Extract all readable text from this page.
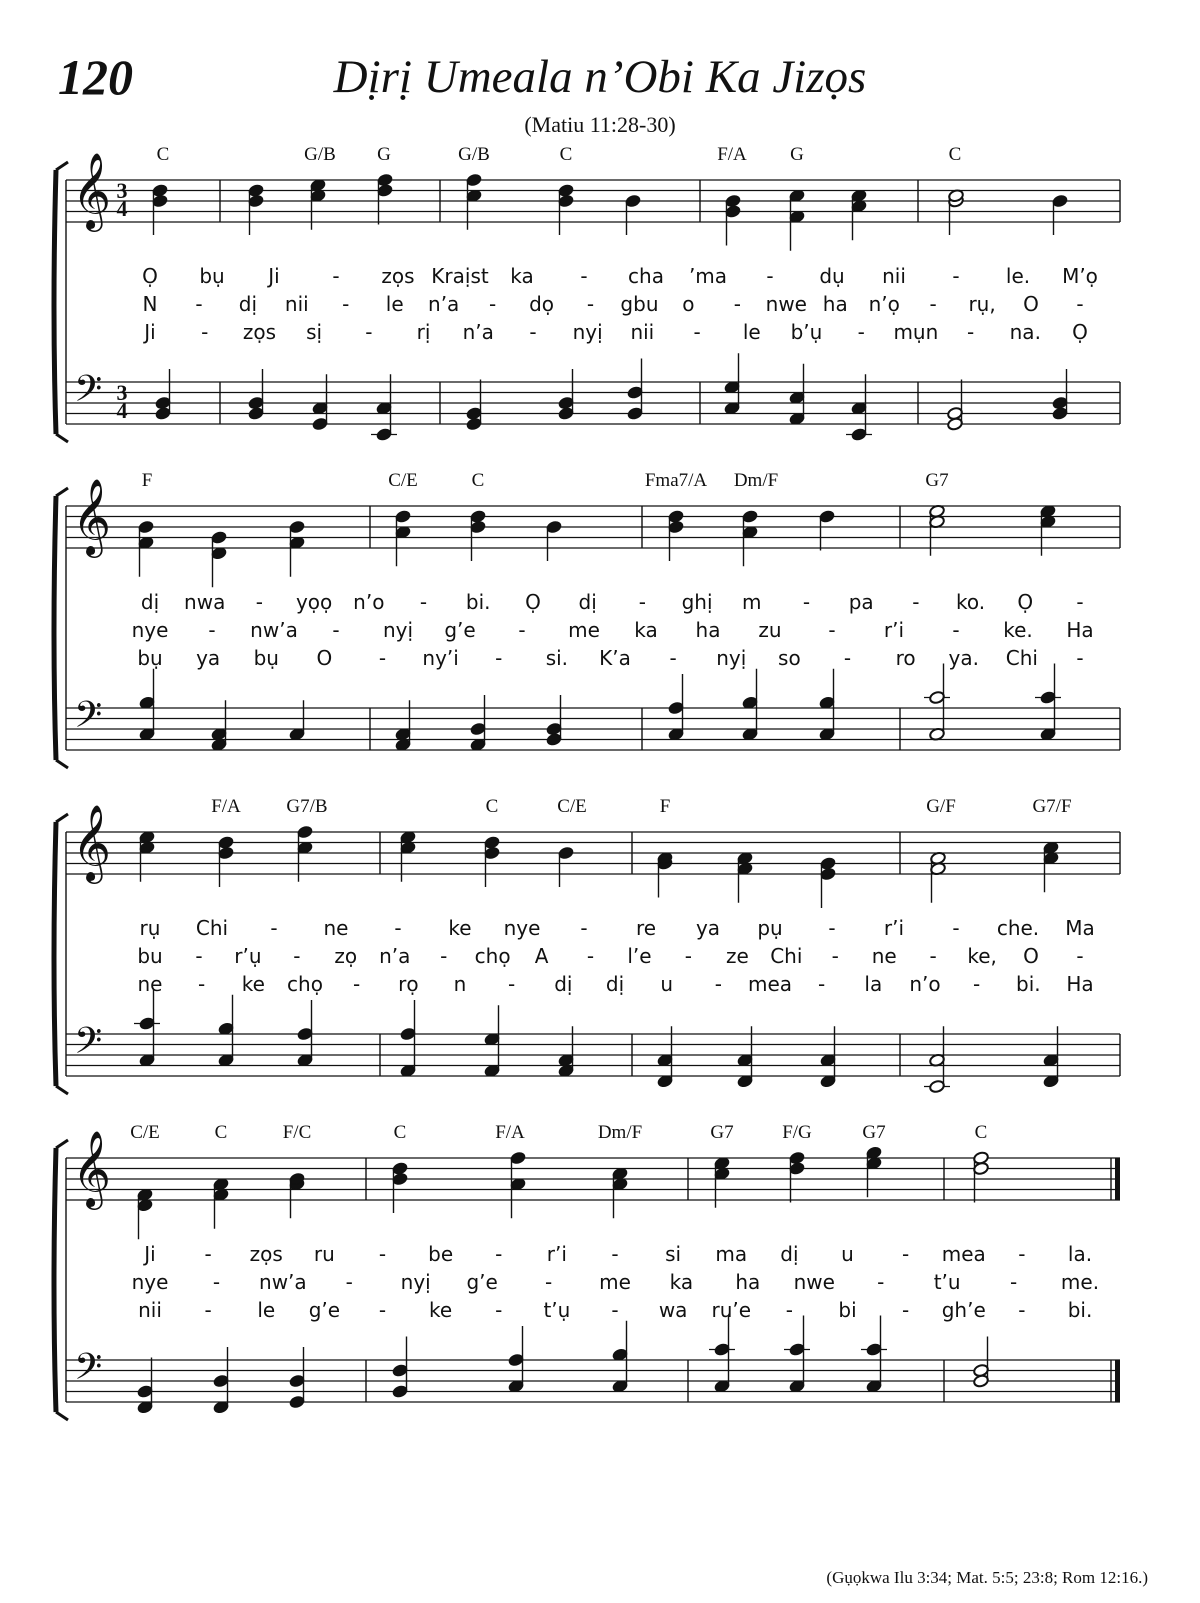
120	Dịrị Umeala n’Obi Ka Jizọs
(Matiu 11:28-30)
𝄞
𝄢
3
4
3
4
C	G/B G	G/B	C	F/A G	C
Ọ bụ Ji	- zọs Kraịst ka - cha ’ma - dụ nii - le. M’ọ
N - dị nii - le n’a - dọ - gbu o - nwe ha n’ọ - rụ, O -
Ji - zọs sị - rị n’a - nyị nii - le b’ụ - mụn - na. Ọ
𝄞
𝄢
F	C/E	C	Fma7/A Dm/F	G7
dị nwa - yọọ n’o - bi. Ọ dị - ghị m - pa - ko. Ọ -
nye - nw’a - nyị g’e - me ka ha zu - r’i - ke. Ha
bụ ya bụ O - ny’i - si. K’a - nyị so - ro ya. Chi -
𝄞
𝄢
F/A G7/B	C	C/E	F	G/F	G7/F
rụ Chi - ne - ke nye - re ya pụ - r’i - che. Ma
bu - r’ụ - zọ n’a - chọ A - l’e - ze Chi - ne - ke, O -
ne - ke chọ - rọ n - dị dị u - mea - la n’o - bi. Ha
𝄞
𝄢
C/E	C	F/C	C	F/A	Dm/F	G7	F/G	G7	C
Ji - zọs ru - be - r’i - si ma dị u - mea - la.
nye - nw’a - nyị g’e - me ka ha nwe - t’u - me.
nii - le g’e - ke - t’ụ - wa ru’e - bi - gh’e - bi.
(Gụọkwa Ilu 3:34; Mat. 5:5; 23:8; Rom 12:16.)
